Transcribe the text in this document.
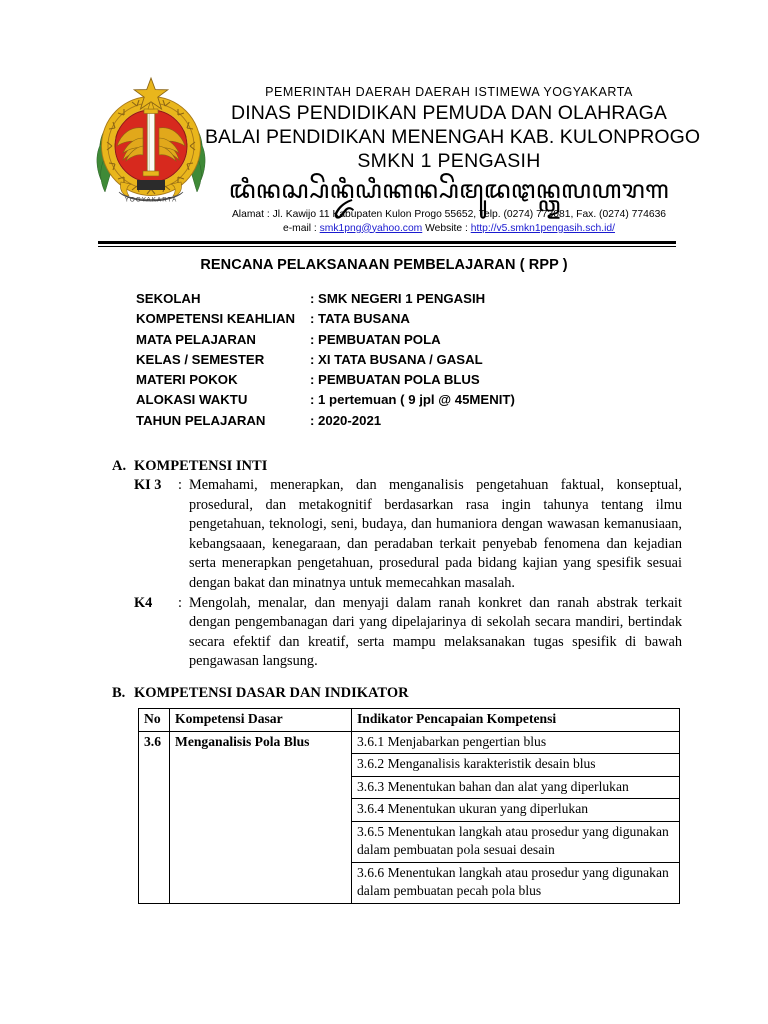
YOGYAKARTA
PEMERINTAH DAERAH DAERAH ISTIMEWA YOGYAKARTA
DINAS PENDIDIKAN PEMUDA DAN OLAHRAGA
BALAI PENDIDIKAN MENENGAH KAB. KULONPROGO
SMKN 1 PENGASIH
ꦢꦶꦤꦱ꧀ꦥꦼꦤ꧀ꦢꦶꦝꦶꦏꦤ꧀ꦥꦼꦩꦸꦢꦛꦤ꧀ꦎꦭꦲꦫꦒ
Alamat : Jl. Kawijo 11 Kabupaten Kulon Progo 55652, Telp. (0274) 773081, Fax. (0274) 774636
e-mail : smk1png@yahoo.com Website : http://v5.smkn1pengasih.sch.id/
RENCANA PELAKSANAAN PEMBELAJARAN ( RPP )
SEKOLAH	: SMK NEGERI 1 PENGASIH
KOMPETENSI KEAHLIAN	: TATA BUSANA
MATA PELAJARAN	: PEMBUATAN POLA
KELAS / SEMESTER	: XI TATA BUSANA / GASAL
MATERI POKOK	: PEMBUATAN POLA BLUS
ALOKASI WAKTU	: 1 pertemuan ( 9 jpl @ 45MENIT)
TAHUN PELAJARAN	: 2020-2021
A. KOMPETENSI INTI
KI 3	: Memahami, menerapkan, dan menganalisis pengetahuan faktual, konseptual, prosedural, dan metakognitif berdasarkan rasa ingin tahunya tentang ilmu pengetahuan, teknologi, seni, budaya, dan humaniora dengan wawasan kemanusiaan, kebangsaaan, kenegaraan, dan peradaban terkait penyebab fenomena dan kejadian serta menerapkan pengetahuan, prosedural pada bidang kajian yang spesifik sesuai dengan bakat dan minatnya untuk memecahkan masalah.
K4	: Mengolah, menalar, dan menyaji dalam ranah konkret dan ranah abstrak terkait dengan pengembanagan dari yang dipelajarinya di sekolah secara mandiri, bertindak secara efektif dan kreatif, serta mampu melaksanakan tugas spesifik di bawah pengawasan langsung.
B. KOMPETENSI DASAR DAN INDIKATOR
No	Kompetensi Dasar	Indikator Pencapaian Kompetensi
3.6	Menganalisis Pola Blus	3.6.1 Menjabarkan pengertian blus
		3.6.2 Menganalisis karakteristik desain blus
		3.6.3 Menentukan bahan dan alat yang diperlukan
		3.6.4 Menentukan ukuran yang diperlukan
		3.6.5 Menentukan langkah atau prosedur yang digunakan dalam pembuatan pola sesuai desain
		3.6.6 Menentukan langkah atau prosedur yang digunakan dalam pembuatan pecah pola blus
